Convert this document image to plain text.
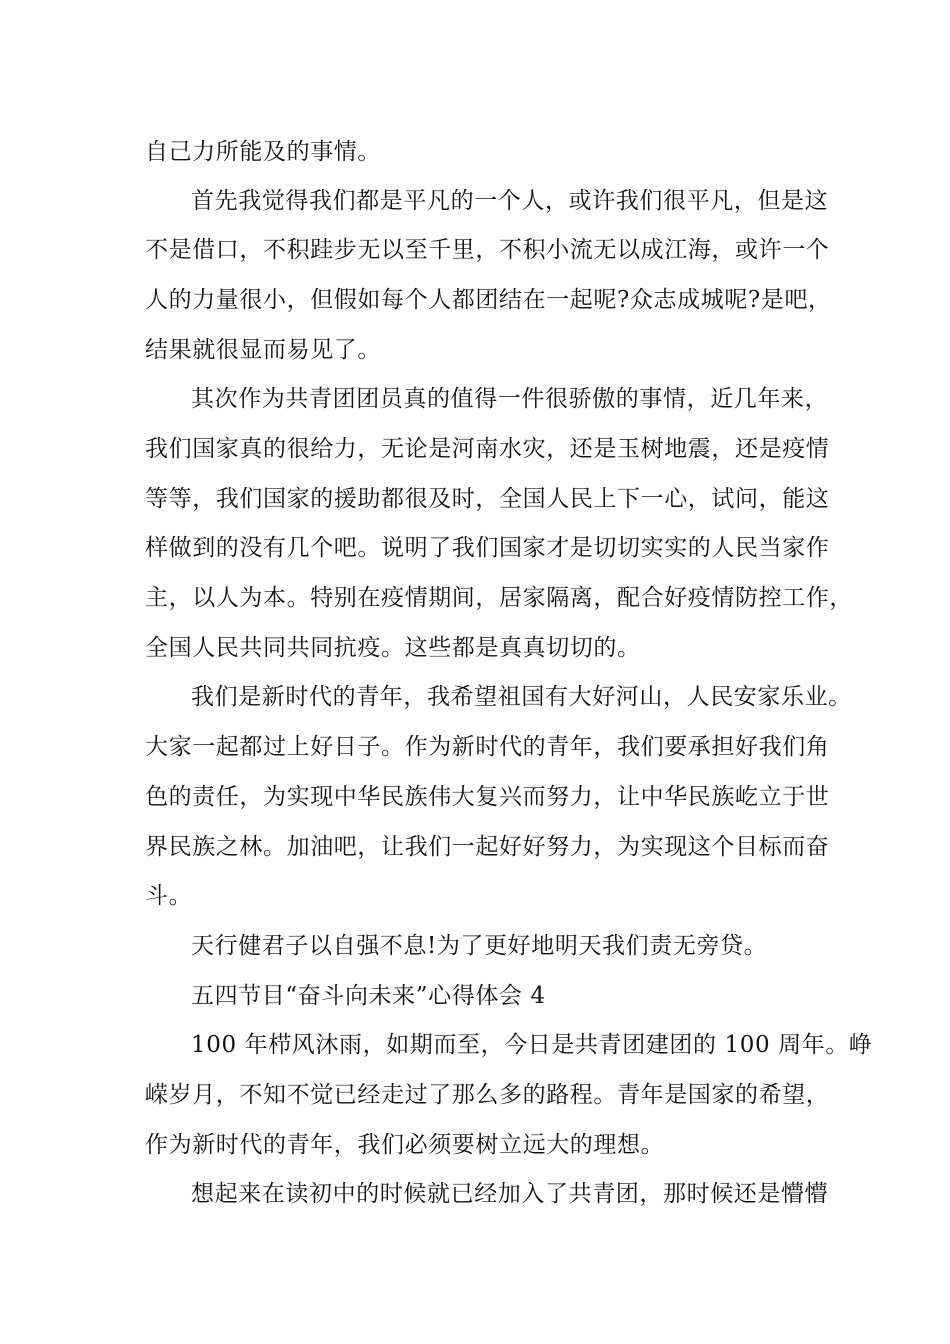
自己力所能及的事情。
首先我觉得我们都是平凡的一个人，或许我们很平凡，但是这
不是借口，不积跬步无以至千里，不积小流无以成江海，或许一个
人的力量很小，但假如每个人都团结在一起呢?众志成城呢?是吧，
结果就很显而易见了。
其次作为共青团团员真的值得一件很骄傲的事情，近几年来，
我们国家真的很给力，无论是河南水灾，还是玉树地震，还是疫情
等等，我们国家的援助都很及时，全国人民上下一心，试问，能这
样做到的没有几个吧。说明了我们国家才是切切实实的人民当家作
主，以人为本。特别在疫情期间，居家隔离，配合好疫情防控工作，
全国人民共同共同抗疫。这些都是真真切切的。
我们是新时代的青年，我希望祖国有大好河山，人民安家乐业。
大家一起都过上好日子。作为新时代的青年，我们要承担好我们角
色的责任，为实现中华民族伟大复兴而努力，让中华民族屹立于世
界民族之林。加油吧，让我们一起好好努力，为实现这个目标而奋
斗。
天行健君子以自强不息!为了更好地明天我们责无旁贷。
五四节目“奋斗向未来”心得体会 4
100 年栉风沐雨，如期而至，今日是共青团建团的 100 周年。峥
嵘岁月，不知不觉已经走过了那么多的路程。青年是国家的希望，
作为新时代的青年，我们必须要树立远大的理想。
想起来在读初中的时候就已经加入了共青团，那时候还是懵懵
